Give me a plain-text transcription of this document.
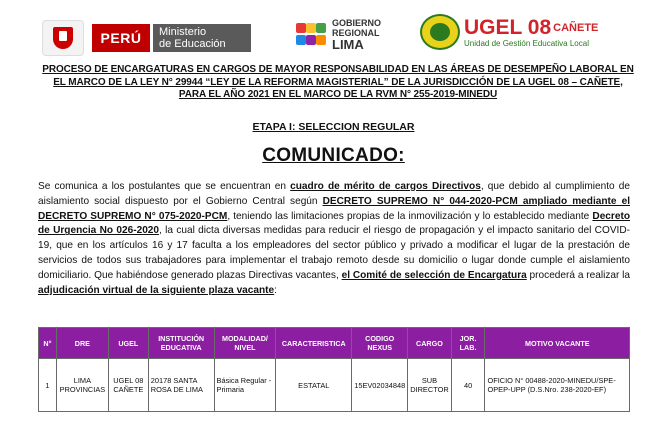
PERÚ	Ministerio
de Educación
GOBIERNO
REGIONAL
LIMA
UGEL 08 $^{CAÑETE}$
Unidad de Gestión Educativa Local
PROCESO DE ENCARGATURAS EN CARGOS DE MAYOR RESPONSABILIDAD EN LAS ÁREAS DE DESEMPEÑO LABORAL EN EL MARCO DE LA LEY N° 29944 “LEY DE LA REFORMA MAGISTERIAL” DE LA JURISDICCIÓN DE LA UGEL 08 – CAÑETE, PARA EL AÑO 2021 EN EL MARCO DE LA RVM N° 255-2019-MINEDU
ETAPA I: SELECCION REGULAR
COMUNICADO:
Se comunica a los postulantes que se encuentran en cuadro de mérito de cargos Directivos, que debido al cumplimiento de aislamiento social dispuesto por el Gobierno Central según DECRETO SUPREMO N° 044-2020-PCM ampliado mediante el DECRETO SUPREMO N° 075-2020-PCM, teniendo las limitaciones propias de la inmovilización y lo establecido mediante Decreto de Urgencia No 026-2020, la cual dicta diversas medidas para reducir el riesgo de propagación y el impacto sanitario del COVID-19, que en los artículos 16 y 17 faculta a los empleadores del sector público y privado a modificar el lugar de la prestación de servicios de todos sus trabajadores para implementar el trabajo remoto desde su domicilio o lugar donde cumple el aislamiento domiciliario. Que habiéndose generado plazas Directivas vacantes, el Comité de selección de Encargatura procederá a realizar la adjudicación virtual de la siguiente plaza vacante:
N°	DRE	UGEL	INSTITUCIÓN EDUCATIVA	MODALIDAD/ NIVEL	CARACTERISTICA	CODIGO NEXUS	CARGO	JOR. LAB.	MOTIVO VACANTE
1	LIMA PROVINCIAS	UGEL 08 CAÑETE	20178 SANTA ROSA DE LIMA	Básica Regular - Primaria	ESTATAL	15EV02034848	SUB DIRECTOR	40	OFICIO N° 00488-2020-MINEDU/SPE-OPEP-UPP (D.S.Nro. 238-2020-EF)
